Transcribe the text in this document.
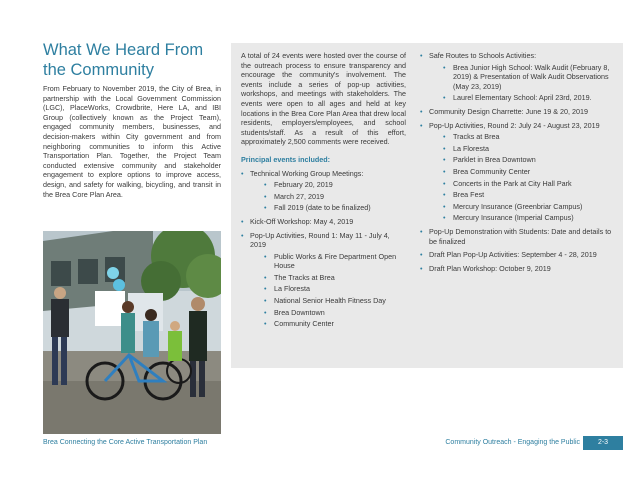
What We Heard From
the Community
From February to November 2019, the City of Brea, in partnership with the Local Government Commission (LGC), PlaceWorks, Crowdbrite, Here LA, and IBI Group (collectively known as the Project Team), engaged community members, businesses, and decision-makers within City government and from neighboring communities to inform this Active Transportation Plan. Together, the Project Team conducted extensive community and stakeholder engagement to explore options to improve access, design, and safety for walking, bicycling, and transit in the Brea Core Plan Area.

A total of 24 events were hosted over the course of the outreach process to ensure transparency and encourage the community's involvement. The events include a series of pop-up activities, workshops, and meetings with stakeholders. The events were open to all ages and held at key locations in the Brea Core Plan Area that drew local residents, employers/employees, and school students/staff. As a result of this effort, approximately 2,500 comments were received.

Principal events included:

• Technical Working Group Meetings:
• February 20, 2019
• March 27, 2019
• Fall 2019 (date to be finalized)
• Kick-Off Workshop: May 4, 2019
• Pop-Up Activities, Round 1: May 11 - July 4, 2019
• Public Works & Fire Department Open House
• The Tracks at Brea
• La Floresta
• National Senior Health Fitness Day
• Brea Downtown
• Community Center
• Safe Routes to Schools Activities:
• Brea Junior High School: Walk Audit (February 8, 2019) & Presentation of Walk Audit Observations (May 23, 2019)
• Laurel Elementary School: April 23rd, 2019.
• Community Design Charrette: June 19 & 20, 2019
• Pop-Up Activities, Round 2: July 24 - August 23, 2019
• Tracks at Brea
• La Floresta
• Parklet in Brea Downtown
• Brea Community Center
• Concerts in the Park at City Hall Park
• Brea Fest
• Mercury Insurance (Greenbriar Campus)
• Mercury Insurance (Imperial Campus)
• Pop-Up Demonstration with Students: Date and details to be finalized
• Draft Plan Pop-Up Activities: September 4 - 28, 2019
• Draft Plan Workshop: October 9, 2019
Brea Connecting the Core Active Transportation Plan	Community Outreach - Engaging the Public	2-3
